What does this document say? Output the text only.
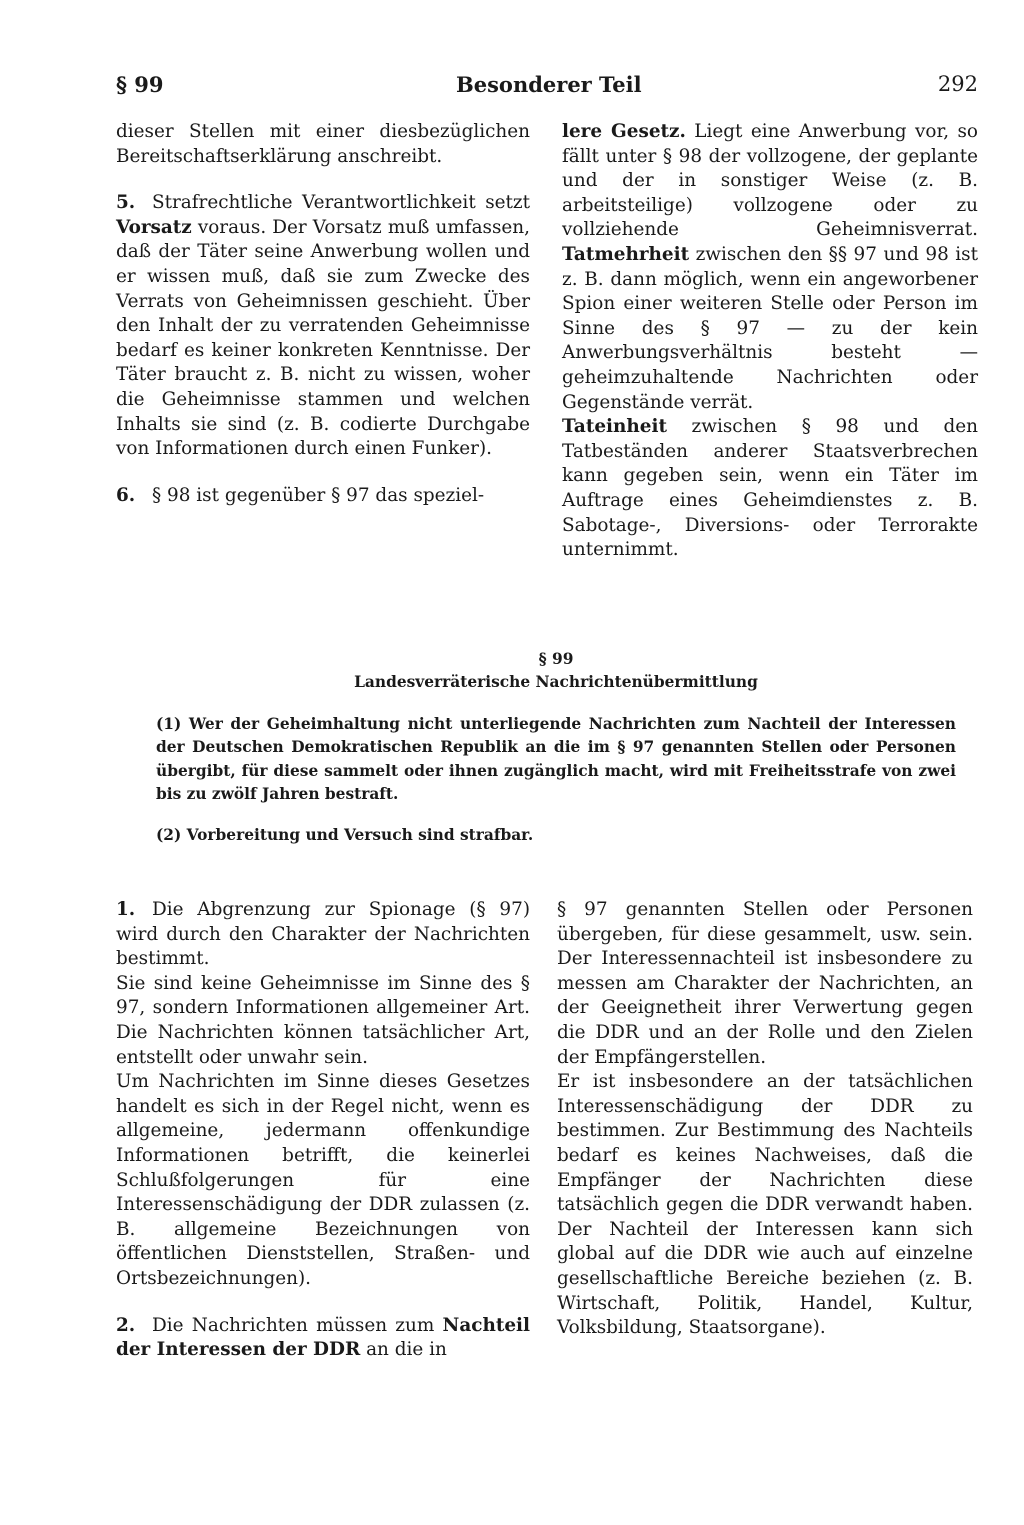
§ 99	Besonderer Teil	292

dieser Stellen mit einer diesbezüglichen Bereitschaftserklärung anschreibt.

5. Strafrechtliche Verantwortlichkeit setzt Vorsatz voraus. Der Vorsatz muß umfassen, daß der Täter seine Anwerbung wollen und er wissen muß, daß sie zum Zwecke des Verrats von Geheimnissen geschieht. Über den Inhalt der zu verratenden Geheimnisse bedarf es keiner konkreten Kenntnisse. Der Täter braucht z. B. nicht zu wissen, woher die Geheimnisse stammen und welchen Inhalts sie sind (z. B. codierte Durchgabe von Informationen durch einen Funker).

6. § 98 ist gegenüber § 97 das speziel-

lere Gesetz. Liegt eine Anwerbung vor, so fällt unter § 98 der vollzogene, der geplante und der in sonstiger Weise (z. B. arbeitsteilige) vollzogene oder zu vollziehende Geheimnisverrat. Tatmehrheit zwischen den §§ 97 und 98 ist z. B. dann möglich, wenn ein angeworbener Spion einer weiteren Stelle oder Person im Sinne des § 97 — zu der kein Anwerbungsverhältnis besteht — geheimzuhaltende Nachrichten oder Gegenstände verrät.

Tateinheit zwischen § 98 und den Tatbeständen anderer Staatsverbrechen kann gegeben sein, wenn ein Täter im Auftrage eines Geheimdienstes z. B. Sabotage-, Diversions- oder Terrorakte unternimmt.

§ 99
Landesverräterische Nachrichtenübermittlung

(1) Wer der Geheimhaltung nicht unterliegende Nachrichten zum Nachteil der Interessen der Deutschen Demokratischen Republik an die im § 97 genannten Stellen oder Personen übergibt, für diese sammelt oder ihnen zugänglich macht, wird mit Freiheitsstrafe von zwei bis zu zwölf Jahren bestraft.

(2) Vorbereitung und Versuch sind strafbar.

1. Die Abgrenzung zur Spionage (§ 97) wird durch den Charakter der Nachrichten bestimmt.

Sie sind keine Geheimnisse im Sinne des § 97, sondern Informationen allgemeiner Art. Die Nachrichten können tatsächlicher Art, entstellt oder unwahr sein.

Um Nachrichten im Sinne dieses Gesetzes handelt es sich in der Regel nicht, wenn es allgemeine, jedermann offenkundige Informationen betrifft, die keinerlei Schlußfolgerungen für eine Interessenschädigung der DDR zulassen (z. B. allgemeine Bezeichnungen von öffentlichen Dienststellen, Straßen- und Ortsbezeichnungen).

2. Die Nachrichten müssen zum Nachteil der Interessen der DDR an die in

§ 97 genannten Stellen oder Personen übergeben, für diese gesammelt, usw. sein. Der Interessennachteil ist insbesondere zu messen am Charakter der Nachrichten, an der Geeignetheit ihrer Verwertung gegen die DDR und an der Rolle und den Zielen der Empfängerstellen.

Er ist insbesondere an der tatsächlichen Interessenschädigung der DDR zu bestimmen. Zur Bestimmung des Nachteils bedarf es keines Nachweises, daß die Empfänger der Nachrichten diese tatsächlich gegen die DDR verwandt haben. Der Nachteil der Interessen kann sich global auf die DDR wie auch auf einzelne gesellschaftliche Bereiche beziehen (z. B. Wirtschaft, Politik, Handel, Kultur, Volksbildung, Staatsorgane).
